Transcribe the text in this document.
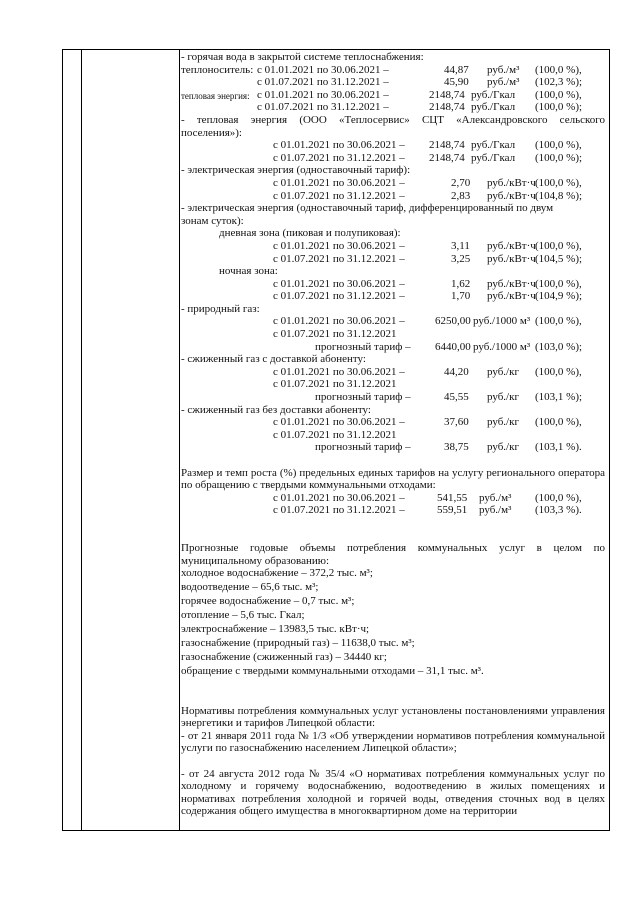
- горячая вода в закрытой системе теплоснабжения:
теплоноситель: с 01.01.2021 по 30.06.2021 –	44,87 руб./м³ (100,0 %),
с 01.07.2021 по 31.12.2021 –	45,90 руб./м³ (102,3 %);
тепловая энергия: с 01.01.2021 по 30.06.2021 –	2148,74 руб./Гкал (100,0 %),
с 01.07.2021 по 31.12.2021 –	2148,74 руб./Гкал (100,0 %);
- тепловая энергия (ООО «Теплосервис» СЦТ «Александровского сельского
поселения»):
с 01.01.2021 по 30.06.2021 – 2148,74 руб./Гкал (100,0 %),
с 01.07.2021 по 31.12.2021 – 2148,74 руб./Гкал (100,0 %);
- электрическая энергия (одноставочный тариф):
с 01.01.2021 по 30.06.2021 –	2,70 руб./кВт·ч (100,0 %),
с 01.07.2021 по 31.12.2021 –	2,83 руб./кВт·ч (104,8 %);
- электрическая энергия (одноставочный тариф, дифференцированный по двум
зонам суток):
дневная зона (пиковая и полупиковая):
с 01.01.2021 по 30.06.2021 –	3,11 руб./кВт·ч (100,0 %),
с 01.07.2021 по 31.12.2021 –	3,25 руб./кВт·ч (104,5 %);
ночная зона:
с 01.01.2021 по 30.06.2021 –	1,62 руб./кВт·ч (100,0 %),
с 01.07.2021 по 31.12.2021 –	1,70 руб./кВт·ч (104,9 %);
- природный газ:
с 01.01.2021 по 30.06.2021 –	6250,00 руб./1000 м³ (100,0 %),
с 01.07.2021 по 31.12.2021
прогнозный тариф – 6440,00 руб./1000 м³ (103,0 %);
- сжиженный газ с доставкой абоненту:
с 01.01.2021 по 30.06.2021 –	44,20 руб./кг (100,0 %),
с 01.07.2021 по 31.12.2021
прогнозный тариф –	45,55 руб./кг (103,1 %);
- сжиженный газ без доставки абоненту:
с 01.01.2021 по 30.06.2021 –	37,60 руб./кг (100,0 %),
с 01.07.2021 по 31.12.2021
прогнозный тариф –	38,75 руб./кг (103,1 %).
Размер и темп роста (%) предельных единых тарифов на услугу регионального оператора по обращению с твердыми коммунальными отходами:
с 01.01.2021 по 30.06.2021 –	541,55 руб./м³ (100,0 %),
с 01.07.2021 по 31.12.2021 –	559,51 руб./м³ (103,3 %).
Прогнозные годовые объемы потребления коммунальных услуг в целом по муниципальному образованию:
холодное водоснабжение – 372,2 тыс. м³;
водоотведение – 65,6 тыс. м³;
горячее водоснабжение – 0,7 тыс. м³;
отопление – 5,6 тыс. Гкал;
электроснабжение – 13983,5 тыс. кВт·ч;
газоснабжение (природный газ) – 11638,0 тыс. м³;
газоснабжение (сжиженный газ) – 34440 кг;
обращение с твердыми коммунальными отходами – 31,1 тыс. м³.
Нормативы потребления коммунальных услуг установлены постановлениями управления энергетики и тарифов Липецкой области:
- от 21 января 2011 года № 1/3 «Об утверждении нормативов потребления коммунальной услуги по газоснабжению населением Липецкой области»;
- от 24 августа 2012 года № 35/4 «О нормативах потребления коммунальных услуг по холодному и горячему водоснабжению, водоотведению в жилых помещениях и нормативах потребления холодной и горячей воды, отведения сточных вод в целях содержания общего имущества в многоквартирном доме на территории
